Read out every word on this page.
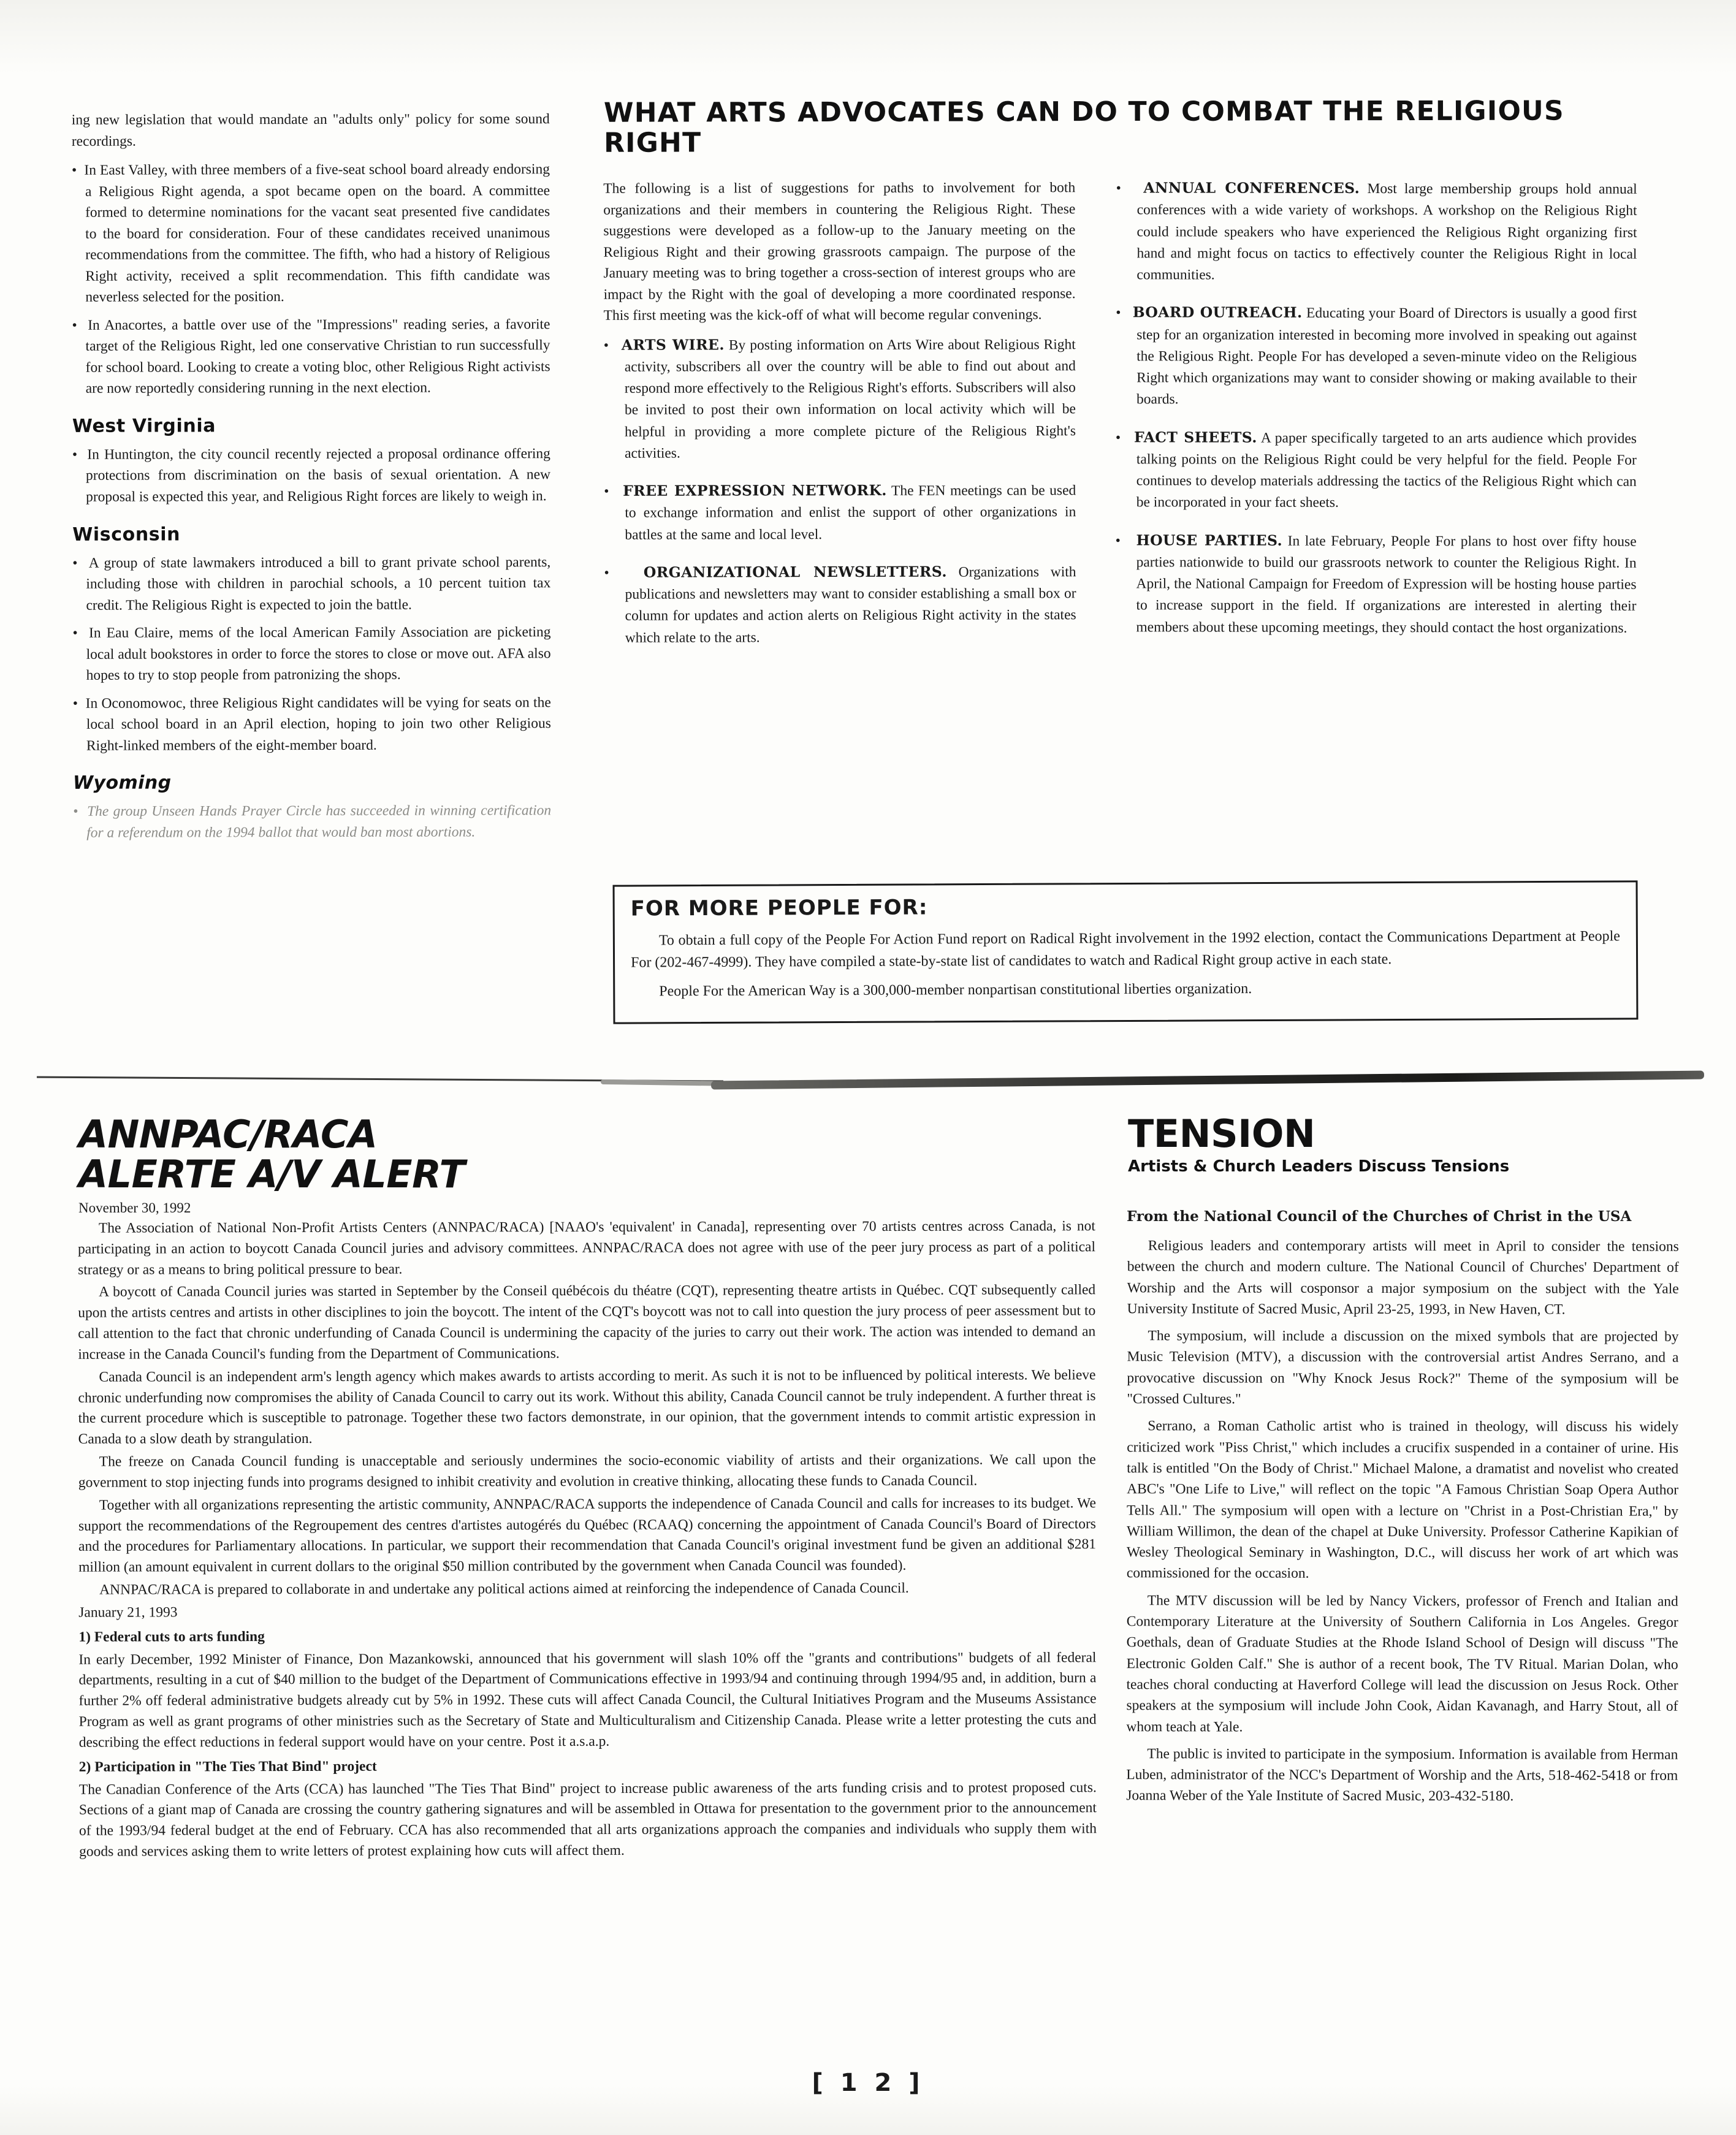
WHAT ARTS ADVOCATES CAN DO TO COMBAT THE RELIGIOUS RIGHT

ing new legislation that would mandate an "adults only" policy for some sound recordings.

•  In East Valley, with three members of a five-seat school board already endorsing a Religious Right agenda, a spot became open on the board. A committee formed to determine nominations for the vacant seat presented five candidates to the board for consideration. Four of these candidates received unanimous recommendations from the committee. The fifth, who had a history of Religious Right activity, received a split recommendation. This fifth candidate was neverless selected for the position.
•  In Anacortes, a battle over use of the "Impressions" reading series, a favorite target of the Religious Right, led one conservative Christian to run successfully for school board. Looking to create a voting bloc, other Religious Right activists are now reportedly considering running in the next election.
West Virginia
•  In Huntington, the city council recently rejected a proposal ordinance offering protections from discrimination on the basis of sexual orientation. A new proposal is expected this year, and Religious Right forces are likely to weigh in.
Wisconsin
•  A group of state lawmakers introduced a bill to grant private school parents, including those with children in parochial schools, a 10 percent tuition tax credit. The Religious Right is expected to join the battle.
•  In Eau Claire, mems of the local American Family Association are picketing local adult bookstores in order to force the stores to close or move out. AFA also hopes to try to stop people from patronizing the shops.
•  In Oconomowoc, three Religious Right candidates will be vying for seats on the local school board in an April election, hoping to join two other Religious Right-linked members of the eight-member board.
Wyoming
•  The group Unseen Hands Prayer Circle has succeeded in winning certification for a referendum on the 1994 ballot that would ban most abortions.

The following is a list of suggestions for paths to involvement for both organizations and their members in countering the Religious Right. These suggestions were developed as a follow-up to the January meeting on the Religious Right and their growing grassroots campaign. The purpose of the January meeting was to bring together a cross-section of interest groups who are impact by the Right with the goal of developing a more coordinated response. This first meeting was the kick-off of what will become regular convenings.

•  ARTS WIRE. By posting information on Arts Wire about Religious Right activity, subscribers all over the country will be able to find out about and respond more effectively to the Religious Right's efforts. Subscribers will also be invited to post their own information on local activity which will be helpful in providing a more complete picture of the Religious Right's activities.
•  FREE EXPRESSION NETWORK. The FEN meetings can be used to exchange information and enlist the support of other organizations in battles at the same and local level.
•  ORGANIZATIONAL NEWSLETTERS. Organizations with publications and newsletters may want to consider establishing a small box or column for updates and action alerts on Religious Right activity in the states which relate to the arts.
•  ANNUAL CONFERENCES. Most large membership groups hold annual conferences with a wide variety of workshops. A workshop on the Religious Right could include speakers who have experienced the Religious Right organizing first hand and might focus on tactics to effectively counter the Religious Right in local communities.
•  BOARD OUTREACH. Educating your Board of Directors is usually a good first step for an organization interested in becoming more involved in speaking out against the Religious Right. People For has developed a seven-minute video on the Religious Right which organizations may want to consider showing or making available to their boards.
•  FACT SHEETS. A paper specifically targeted to an arts audience which provides talking points on the Religious Right could be very helpful for the field. People For continues to develop materials addressing the tactics of the Religious Right which can be incorporated in your fact sheets.
•  HOUSE PARTIES. In late February, People For plans to host over fifty house parties nationwide to build our grassroots network to counter the Religious Right. In April, the National Campaign for Freedom of Expression will be hosting house parties to increase support in the field. If organizations are interested in alerting their members about these upcoming meetings, they should contact the host organizations.
FOR MORE PEOPLE FOR:

To obtain a full copy of the People For Action Fund report on Radical Right involvement in the 1992 election, contact the Communications Department at People For (202-467-4999). They have compiled a state-by-state list of candidates to watch and Radical Right group active in each state.

People For the American Way is a 300,000-member nonpartisan constitutional liberties organization.

ANNPAC/RACA
ALERTE A/V ALERT
TENSION
Artists & Church Leaders Discuss Tensions
From the National Council of the Churches of Christ in the USA
November 30, 1992

The Association of National Non-Profit Artists Centers (ANNPAC/RACA) [NAAO's 'equivalent' in Canada], representing over 70 artists centres across Canada, is not participating in an action to boycott Canada Council juries and advisory committees. ANNPAC/RACA does not agree with use of the peer jury process as part of a political strategy or as a means to bring political pressure to bear.

A boycott of Canada Council juries was started in September by the Conseil québécois du théatre (CQT), representing theatre artists in Québec. CQT subsequently called upon the artists centres and artists in other disciplines to join the boycott. The intent of the CQT's boycott was not to call into question the jury process of peer assessment but to call attention to the fact that chronic underfunding of Canada Council is undermining the capacity of the juries to carry out their work. The action was intended to demand an increase in the Canada Council's funding from the Department of Communications.

Canada Council is an independent arm's length agency which makes awards to artists according to merit. As such it is not to be influenced by political interests. We believe chronic underfunding now compromises the ability of Canada Council to carry out its work. Without this ability, Canada Council cannot be truly independent. A further threat is the current procedure which is susceptible to patronage. Together these two factors demonstrate, in our opinion, that the government intends to commit artistic expression in Canada to a slow death by strangulation.

The freeze on Canada Council funding is unacceptable and seriously undermines the socio-economic viability of artists and their organizations. We call upon the government to stop injecting funds into programs designed to inhibit creativity and evolution in creative thinking, allocating these funds to Canada Council.

Together with all organizations representing the artistic community, ANNPAC/RACA supports the independence of Canada Council and calls for increases to its budget. We support the recommendations of the Regroupement des centres d'artistes autogérés du Québec (RCAAQ) concerning the appointment of Canada Council's Board of Directors and the procedures for Parliamentary allocations. In particular, we support their recommendation that Canada Council's original investment fund be given an additional $281 million (an amount equivalent in current dollars to the original $50 million contributed by the government when Canada Council was founded).

ANNPAC/RACA is prepared to collaborate in and undertake any political actions aimed at reinforcing the independence of Canada Council.

January 21, 1993

1) Federal cuts to arts funding

In early December, 1992 Minister of Finance, Don Mazankowski, announced that his government will slash 10% off the "grants and contributions" budgets of all federal departments, resulting in a cut of $40 million to the budget of the Department of Communications effective in 1993/94 and continuing through 1994/95 and, in addition, burn a further 2% off federal administrative budgets already cut by 5% in 1992. These cuts will affect Canada Council, the Cultural Initiatives Program and the Museums Assistance Program as well as grant programs of other ministries such as the Secretary of State and Multiculturalism and Citizenship Canada. Please write a letter protesting the cuts and describing the effect reductions in federal support would have on your centre. Post it a.s.a.p.

2) Participation in "The Ties That Bind" project

The Canadian Conference of the Arts (CCA) has launched "The Ties That Bind" project to increase public awareness of the arts funding crisis and to protest proposed cuts. Sections of a giant map of Canada are crossing the country gathering signatures and will be assembled in Ottawa for presentation to the government prior to the announcement of the 1993/94 federal budget at the end of February. CCA has also recommended that all arts organizations approach the companies and individuals who supply them with goods and services asking them to write letters of protest explaining how cuts will affect them.

Religious leaders and contemporary artists will meet in April to consider the tensions between the church and modern culture. The National Council of Churches' Department of Worship and the Arts will cosponsor a major symposium on the subject with the Yale University Institute of Sacred Music, April 23-25, 1993, in New Haven, CT.

The symposium, will include a discussion on the mixed symbols that are projected by Music Television (MTV), a discussion with the controversial artist Andres Serrano, and a provocative discussion on "Why Knock Jesus Rock?" Theme of the symposium will be "Crossed Cultures."

Serrano, a Roman Catholic artist who is trained in theology, will discuss his widely criticized work "Piss Christ," which includes a crucifix suspended in a container of urine. His talk is entitled "On the Body of Christ." Michael Malone, a dramatist and novelist who created ABC's "One Life to Live," will reflect on the topic "A Famous Christian Soap Opera Author Tells All." The symposium will open with a lecture on "Christ in a Post-Christian Era," by William Willimon, the dean of the chapel at Duke University. Professor Catherine Kapikian of Wesley Theological Seminary in Washington, D.C., will discuss her work of art which was commissioned for the occasion.

The MTV discussion will be led by Nancy Vickers, professor of French and Italian and Contemporary Literature at the University of Southern California in Los Angeles. Gregor Goethals, dean of Graduate Studies at the Rhode Island School of Design will discuss "The Electronic Golden Calf." She is author of a recent book, The TV Ritual. Marian Dolan, who teaches choral conducting at Haverford College will lead the discussion on Jesus Rock. Other speakers at the symposium will include John Cook, Aidan Kavanagh, and Harry Stout, all of whom teach at Yale.

The public is invited to participate in the symposium. Information is available from Herman Luben, administrator of the NCC's Department of Worship and the Arts, 518-462-5418 or from Joanna Weber of the Yale Institute of Sacred Music, 203-432-5180.

[ 1 2 ]
